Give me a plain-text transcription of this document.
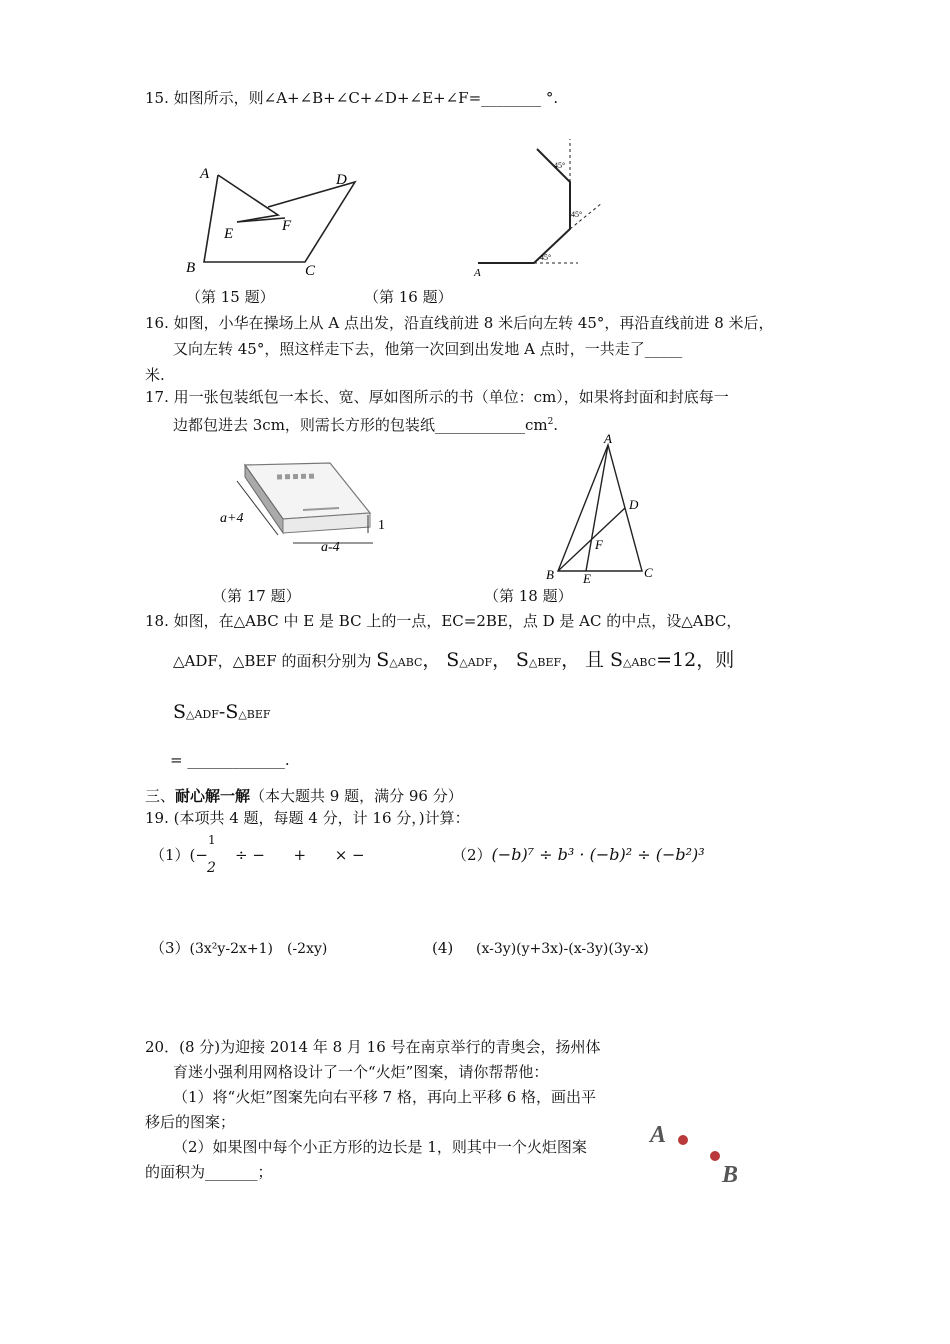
15. 如图所示，则∠A+∠B+∠C+∠D+∠E+∠F=________ °.
A	D
E	F
B	C
45°
45°
45°
A
（第 15 题）	（第 16 题）
16. 如图，小华在操场上从 A 点出发，沿直线前进 8 米后向左转 45°，再沿直线前进 8 米后，
又向左转 45°，照这样走下去，他第一次回到出发地 A 点时，一共走了_____
米.
17. 用一张包装纸包一本长、宽、厚如图所示的书（单位：cm），如果将封面和封底每一
边都包进去 3cm，则需长方形的包装纸$\_\_\_\_\_\_\_\_\_\_\_\_cm^2$.
a+4
a-4
1
A
D
F
B E	C
（第 17 题）	（第 18 题）
18. 如图，在△ABC 中 E 是 BC 上的一点，EC=2BE，点 D 是 AC 的中点，设△ABC，
△ADF，△BEF 的面积分别为 S△ABC， S△ADF， S△BEF， 且 S△ABC=12，则
S△ADF-S△BEF
= _____________.
三、耐心解一解（本大题共 9 题，满分 96 分）
19. (本项共 4 题，每题 4 分，计 16 分，)计算：
（1）(−
1
2
÷ −      +      × −	（2）(−b)⁷ ÷ b³ · (−b)² ÷ (−b²)³
（3）(3x²y-2x+1)　(-2xy)	(4) (x-3y)(y+3x)-(x-3y)(3y-x)
20．(8 分)为迎接 2014 年 8 月 16 号在南京举行的青奥会，扬州体
育迷小强利用网格设计了一个“火炬”图案，请你帮帮他：
（1）将“火炬”图案先向右平移 7 格，再向上平移 6 格，画出平
移后的图案；
（2）如果图中每个小正方形的边长是 1，则其中一个火炬图案
的面积为_______；
A
B
